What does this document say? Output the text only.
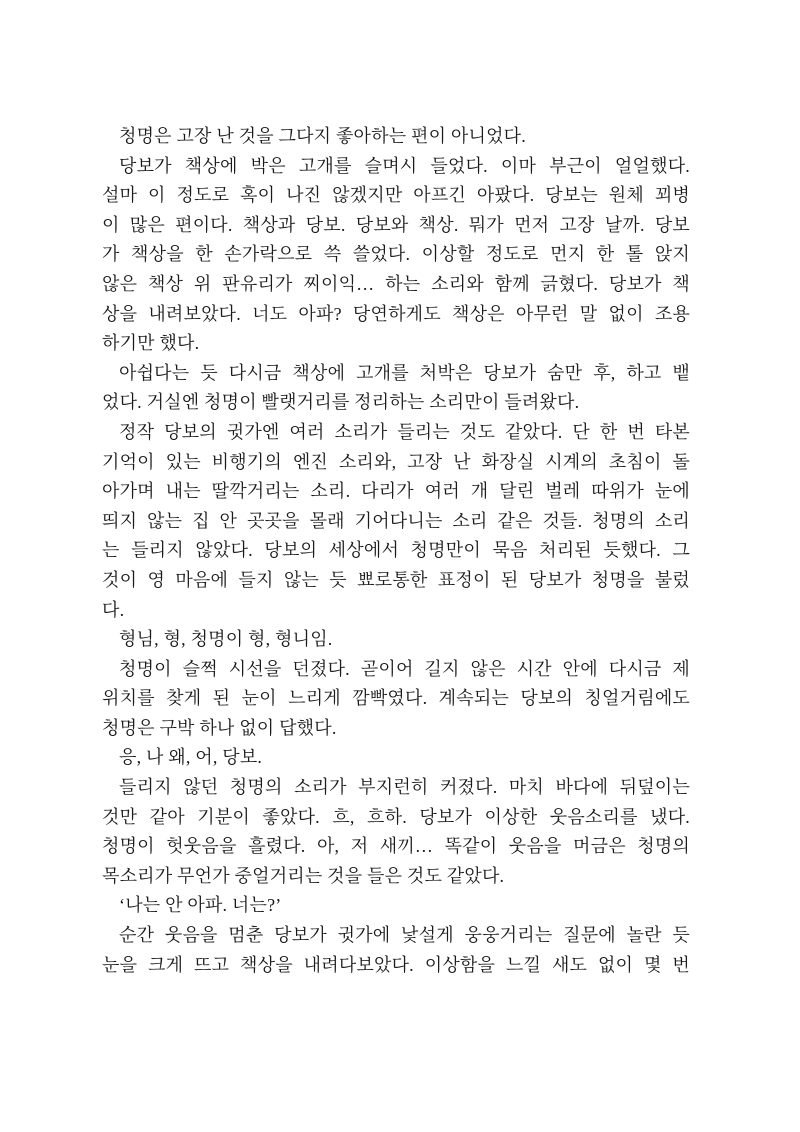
청명은 고장 난 것을 그다지 좋아하는 편이 아니었다.

당보가 책상에 박은 고개를 슬며시 들었다. 이마 부근이 얼얼했다.
설마 이 정도로 혹이 나진 않겠지만 아프긴 아팠다. 당보는 원체 꾀병
이 많은 편이다. 책상과 당보. 당보와 책상. 뭐가 먼저 고장 날까. 당보
가 책상을 한 손가락으로 쓱 쓸었다. 이상할 정도로 먼지 한 톨 앉지
않은 책상 위 판유리가 찌이익… 하는 소리와 함께 긁혔다. 당보가 책
상을 내려보았다. 너도 아파? 당연하게도 책상은 아무런 말 없이 조용
하기만 했다.

아쉽다는 듯 다시금 책상에 고개를 처박은 당보가 숨만 후, 하고 뱉
었다. 거실엔 청명이 빨랫거리를 정리하는 소리만이 들려왔다.

정작 당보의 귓가엔 여러 소리가 들리는 것도 같았다. 단 한 번 타본
기억이 있는 비행기의 엔진 소리와, 고장 난 화장실 시계의 초침이 돌
아가며 내는 딸깍거리는 소리. 다리가 여러 개 달린 벌레 따위가 눈에
띄지 않는 집 안 곳곳을 몰래 기어다니는 소리 같은 것들. 청명의 소리
는 들리지 않았다. 당보의 세상에서 청명만이 묵음 처리된 듯했다. 그
것이 영 마음에 들지 않는 듯 뾰로통한 표정이 된 당보가 청명을 불렀
다.

형님, 형, 청명이 형, 형니임.

청명이 슬쩍 시선을 던졌다. 곧이어 길지 않은 시간 안에 다시금 제
위치를 찾게 된 눈이 느리게 깜빡였다. 계속되는 당보의 칭얼거림에도
청명은 구박 하나 없이 답했다.

응, 나 왜, 어, 당보.

들리지 않던 청명의 소리가 부지런히 커졌다. 마치 바다에 뒤덮이는
것만 같아 기분이 좋았다. 흐, 흐하. 당보가 이상한 웃음소리를 냈다.
청명이 헛웃음을 흘렸다. 아, 저 새끼… 똑같이 웃음을 머금은 청명의
목소리가 무언가 중얼거리는 것을 들은 것도 같았다.

‘나는 안 아파. 너는?’

순간 웃음을 멈춘 당보가 귓가에 낯설게 웅웅거리는 질문에 놀란 듯
눈을 크게 뜨고 책상을 내려다보았다. 이상함을 느낄 새도 없이 몇 번
